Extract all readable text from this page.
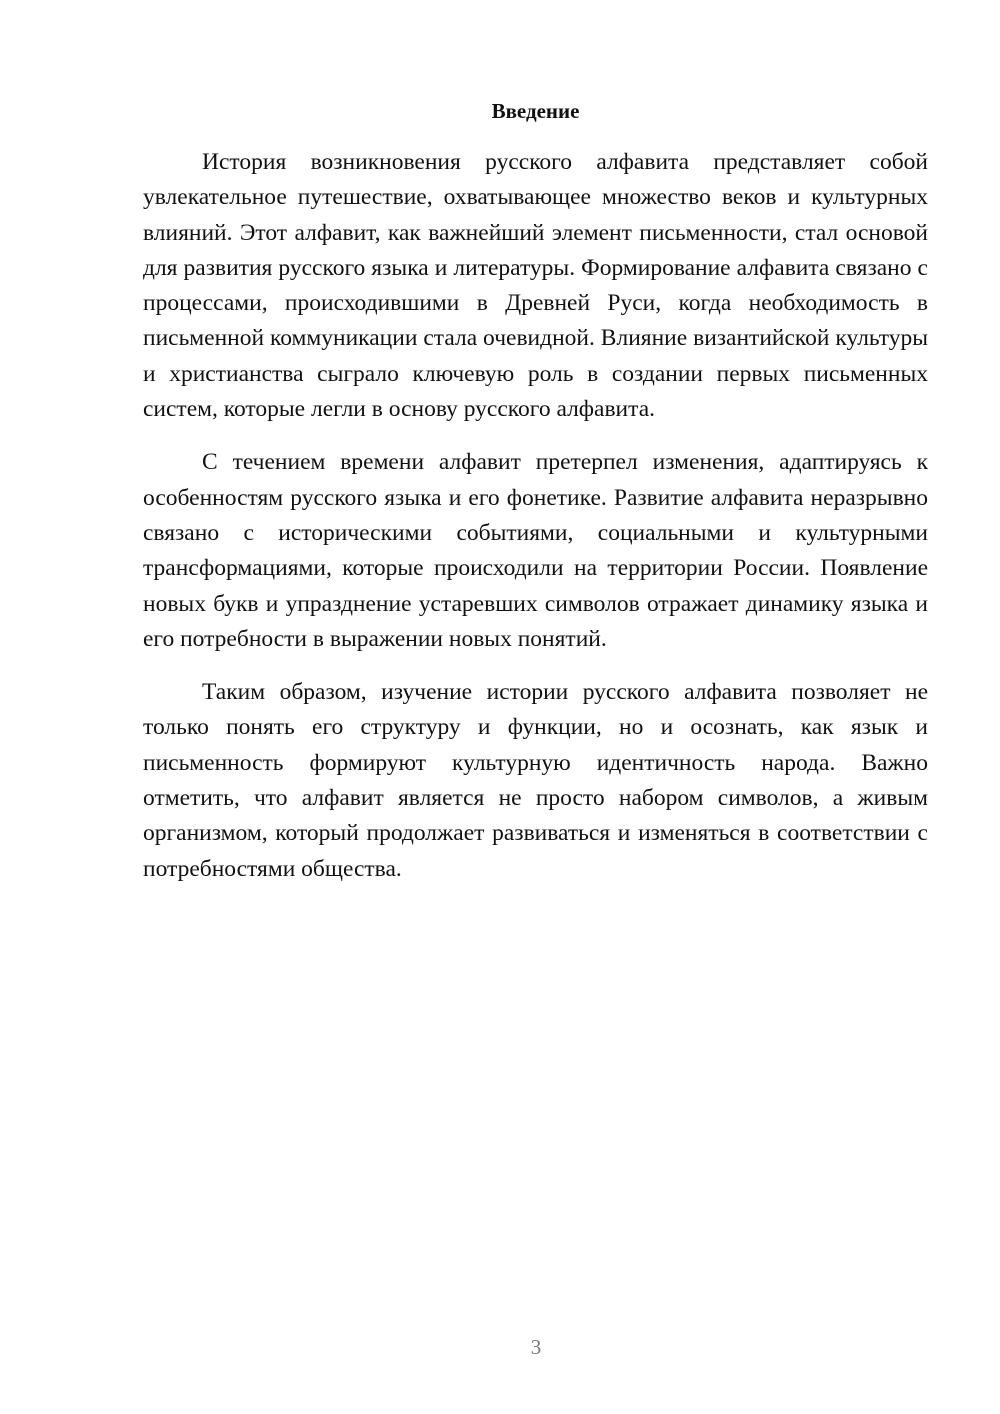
Введение

История возникновения русского алфавита представляет собой увлекательное путешествие, охватывающее множество веков и культурных влияний. Этот алфавит, как важнейший элемент письменности, стал основой для развития русского языка и литературы. Формирование алфавита связано с процессами, происходившими в Древней Руси, когда необходимость в письменной коммуникации стала очевидной. Влияние византийской культуры и христианства сыграло ключевую роль в создании первых письменных систем, которые легли в основу русского алфавита.

С течением времени алфавит претерпел изменения, адаптируясь к особенностям русского языка и его фонетике. Развитие алфавита неразрывно связано с историческими событиями, социальными и культурными трансформациями, которые происходили на территории России. Появление новых букв и упразднение устаревших символов отражает динамику языка и его потребности в выражении новых понятий.

Таким образом, изучение истории русского алфавита позволяет не только понять его структуру и функции, но и осознать, как язык и письменность формируют культурную идентичность народа. Важно отметить, что алфавит является не просто набором символов, а живым организмом, который продолжает развиваться и изменяться в соответствии с потребностями общества.

3
